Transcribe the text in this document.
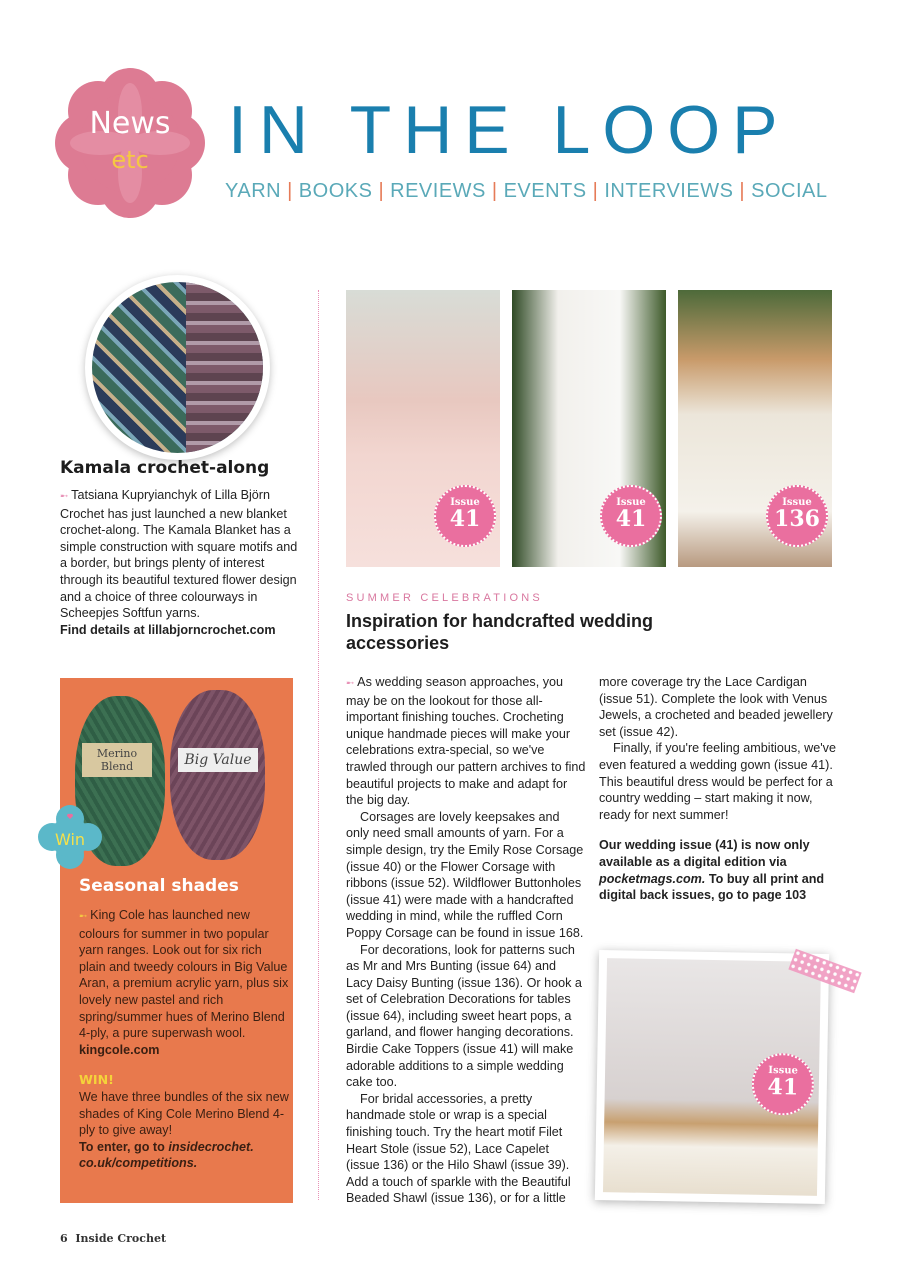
News
etc	IN THE LOOP
YARN | BOOKS | REVIEWS | EVENTS | INTERVIEWS | SOCIAL
Kamala crochet-along

➸ Tatsiana Kupryianchyk of Lilla Björn Crochet has just launched a new blanket crochet-along. The Kamala Blanket has a simple construction with square motifs and a border, but brings plenty of interest through its beautiful textured flower design and a choice of three colourways in Scheepjes Softfun yarns.

Find details at lillabjorncrochet.com

Merino Blend	Big Value
Seasonal shades

➸ King Cole has launched new colours for summer in two popular yarn ranges. Look out for six rich plain and tweedy colours in Big Value Aran, a premium acrylic yarn, plus six lovely new pastel and rich spring/summer hues of Merino Blend 4-ply, a pure superwash wool.

kingcole.com

WIN!

We have three bundles of the six new shades of King Cole Merino Blend 4-ply to give away!

To enter, go to insidecrochet. co.uk/competitions.

Win
Issue
41
Issue
41
Issue
136
SUMMER CELEBRATIONS
Inspiration for handcrafted wedding accessories

➸ As wedding season approaches, you may be on the lookout for those all-important finishing touches. Crocheting unique handmade pieces will make your celebrations extra-special, so we've trawled through our pattern archives to find beautiful projects to make and adapt for the big day.

Corsages are lovely keepsakes and only need small amounts of yarn. For a simple design, try the Emily Rose Corsage (issue 40) or the Flower Corsage with ribbons (issue 52). Wildflower Buttonholes (issue 41) were made with a handcrafted wedding in mind, while the ruffled Corn Poppy Corsage can be found in issue 168.

For decorations, look for patterns such as Mr and Mrs Bunting (issue 64) and Lacy Daisy Bunting (issue 136). Or hook a set of Celebration Decorations for tables (issue 64), including sweet heart pops, a garland, and flower hanging decorations. Birdie Cake Toppers (issue 41) will make adorable additions to a simple wedding cake too.

For bridal accessories, a pretty handmade stole or wrap is a special finishing touch. Try the heart motif Filet Heart Stole (issue 52), Lace Capelet (issue 136) or the Hilo Shawl (issue 39). Add a touch of sparkle with the Beautiful Beaded Shawl (issue 136), or for a little more coverage try the Lace Cardigan (issue 51). Complete the look with Venus Jewels, a crocheted and beaded jewellery set (issue 42).

Finally, if you're feeling ambitious, we've even featured a wedding gown (issue 41). This beautiful dress would be perfect for a country wedding – start making it now, ready for next summer!

Our wedding issue (41) is now only available as a digital edition via pocketmags.com. To buy all print and digital back issues, go to page 103

Issue
41
6 Inside Crochet
